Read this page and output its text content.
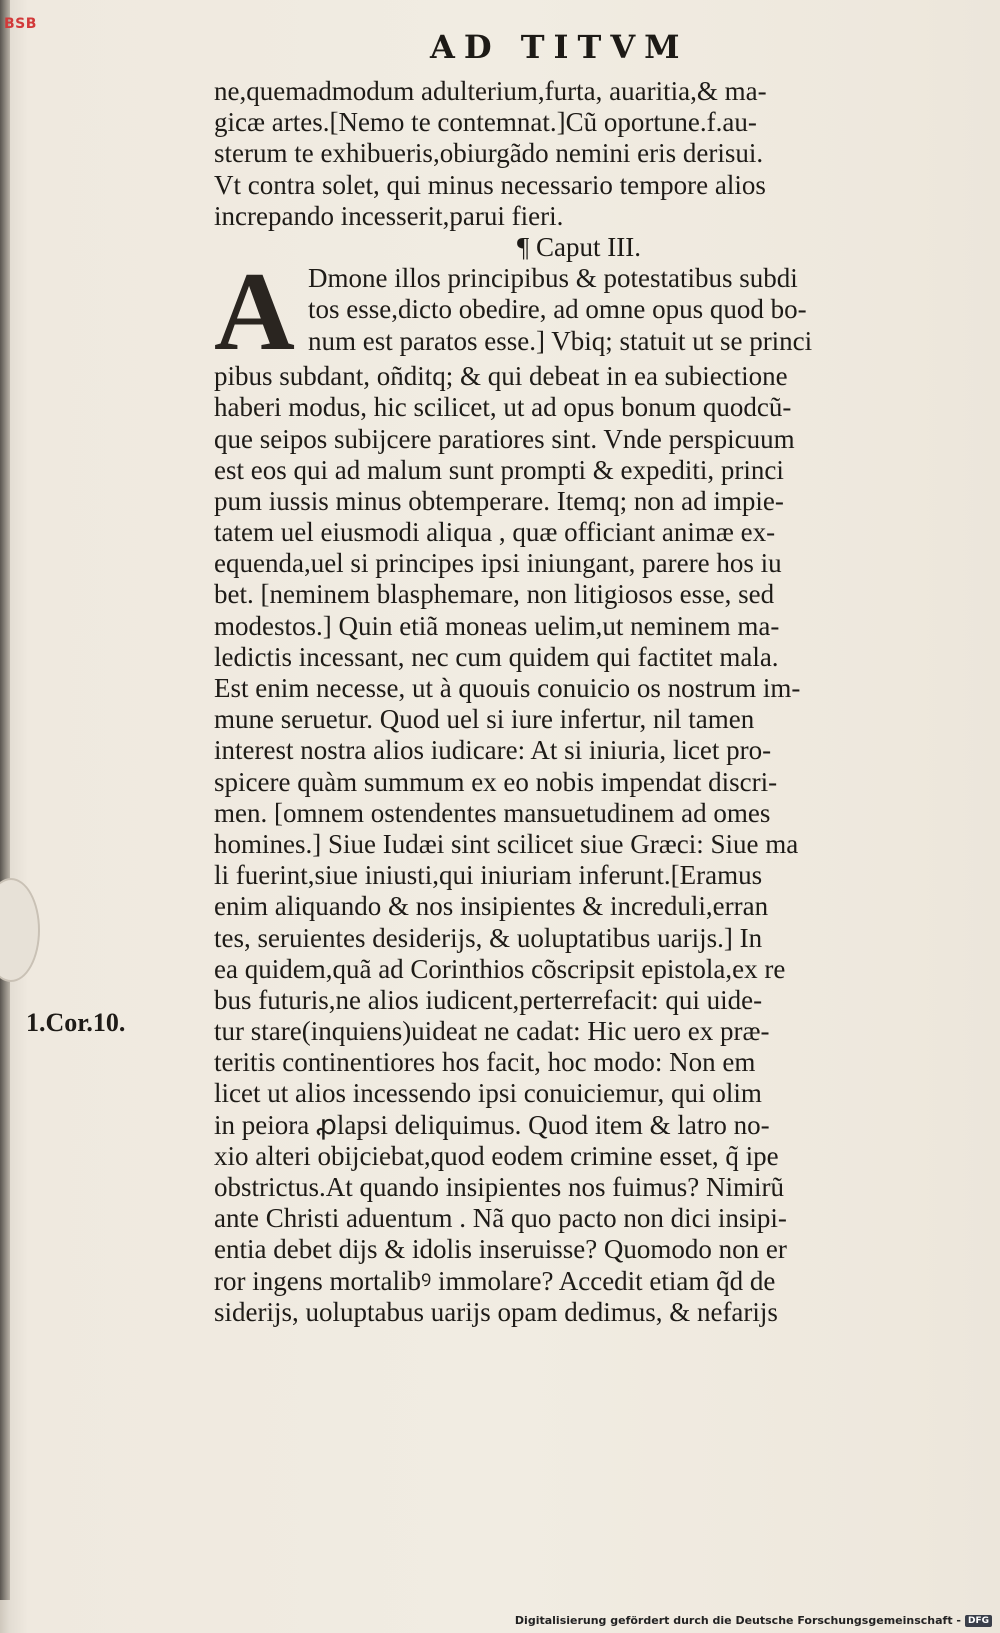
BSB
AD TITVM
ne,quemadmodum adulterium,furta, auaritia,& ma-
gicæ artes.[Nemo te contemnat.]Cũ oportune.f.au-
sterum te exhibueris,obiurgãdo nemini eris derisui.
Vt contra solet, qui minus necessario tempore alios
increpando incesserit,parui fieri.
¶ Caput III.
A Dmone illos principibus & potestatibus subdi
tos esse,dicto obedire, ad omne opus quod bo-
num est paratos esse.] Vbiq; statuit ut se princi
pibus subdant, oñditq; & qui debeat in ea subiectione
haberi modus, hic scilicet, ut ad opus bonum quodcũ-
que seipos subijcere paratiores sint. Vnde perspicuum
est eos qui ad malum sunt prompti & expediti, princi
pum iussis minus obtemperare. Itemq; non ad impie-
tatem uel eiusmodi aliqua , quæ officiant animæ ex-
equenda,uel si principes ipsi iniungant, parere hos iu
bet. [neminem blasphemare, non litigiosos esse, sed
modestos.] Quin etiã moneas uelim,ut neminem ma-
ledictis incessant, nec cum quidem qui factitet mala.
Est enim necesse, ut à quouis conuicio os nostrum im-
mune seruetur. Quod uel si iure infertur, nil tamen
interest nostra alios iudicare: At si iniuria, licet pro-
spicere quàm summum ex eo nobis impendat discri-
men. [omnem ostendentes mansuetudinem ad omes
homines.] Siue Iudæi sint scilicet siue Græci: Siue ma
li fuerint,siue iniusti,qui iniuriam inferunt.[Eramus
enim aliquando & nos insipientes & increduli,erran
tes, seruientes desiderijs, & uoluptatibus uarijs.] In
ea quidem,quã ad Corinthios cõscripsit epistola,ex re
bus futuris,ne alios iudicent,perterrefacit: qui uide-
tur stare(inquiens)uideat ne cadat: Hic uero ex præ-
teritis continentiores hos facit, hoc modo: Non em
licet ut alios incessendo ipsi conuiciemur, qui olim
in peiora ꝓlapsi deliquimus. Quod item & latro no-
xio alteri obijciebat,quod eodem crimine esset, q̃ ipe
obstrictus.At quando insipientes nos fuimus? Nimirũ
ante Christi aduentum . Nã quo pacto non dici insipi-
entia debet dijs & idolis inseruisse? Quomodo non er
ror ingens mortalibꝰ immolare? Accedit etiam q̃d de
siderijs, uoluptabus uarijs opam dedimus, & nefarijs
1.Cor.10.
Digitalisierung gefördert durch die Deutsche Forschungsgemeinschaft - DFG
